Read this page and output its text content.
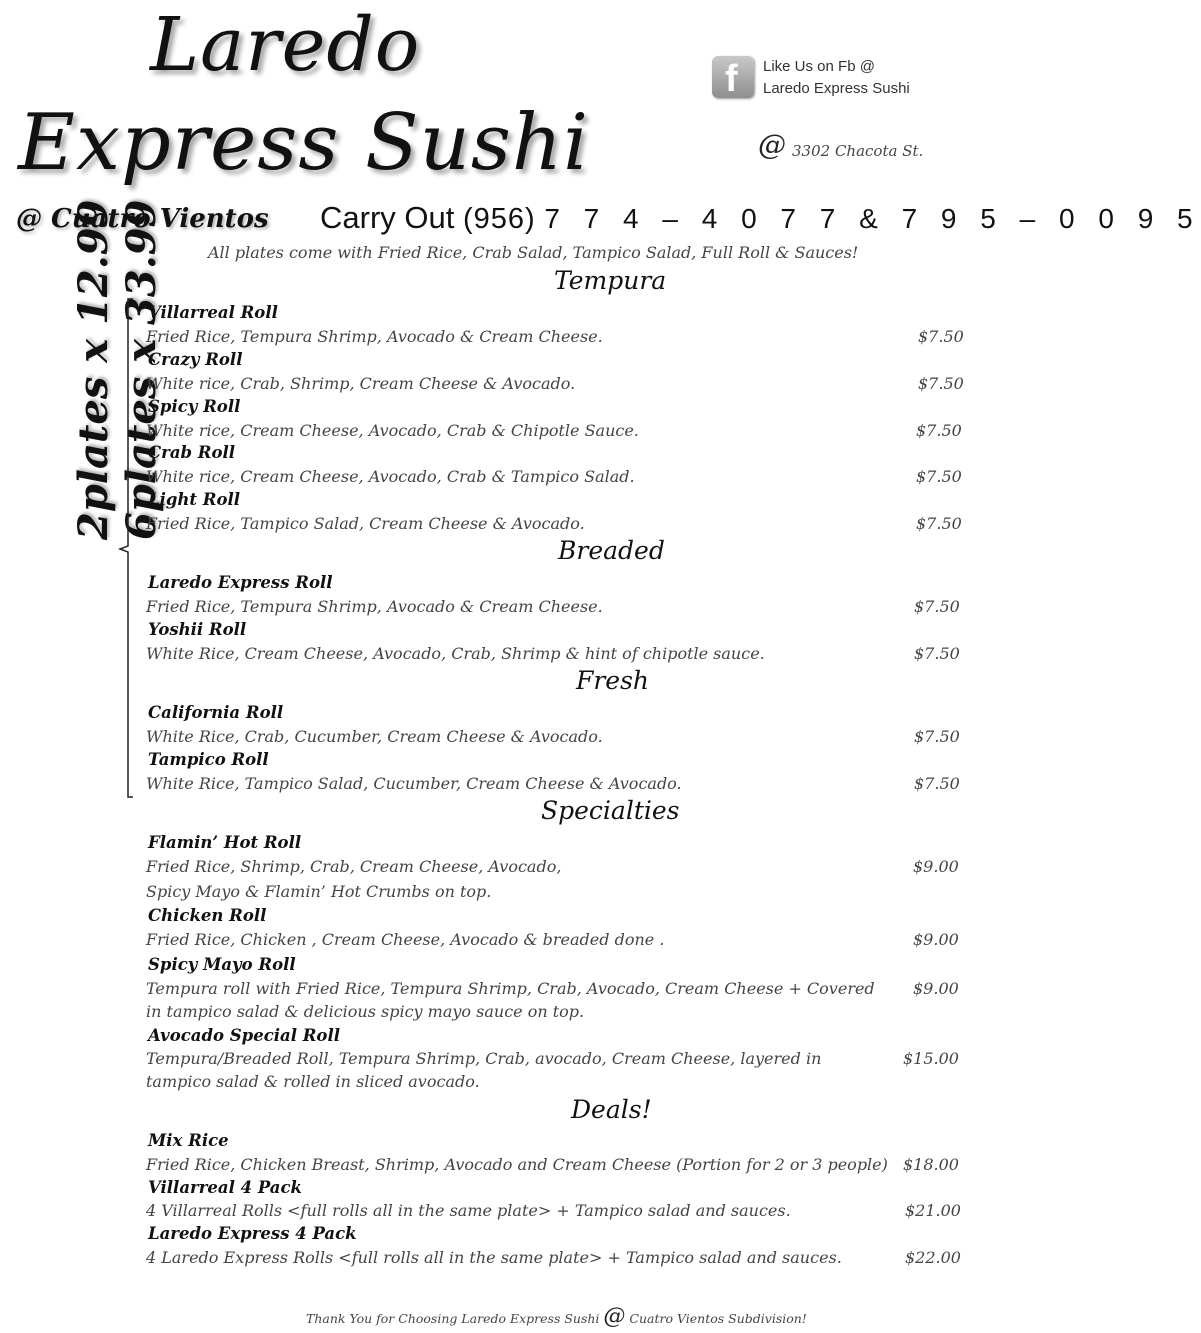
Laredo
Express Sushi
f Like Us on Fb @
Laredo Express Sushi
@ 3302 Chacota St.
@ Cuatro Vientos Carry Out (956) 7 7 4 – 4 0 7 7 & 7 9 5 – 0 0 9 5
All plates come with Fried Rice, Crab Salad, Tampico Salad, Full Roll & Sauces!
2plates x 12.99 6plates x 33.99	Tempura
Villarreal Roll
Fried Rice, Tempura Shrimp, Avocado & Cream Cheese.	$7.50
Crazy Roll
White rice, Crab, Shrimp, Cream Cheese & Avocado.	$7.50
Spicy Roll
White rice, Cream Cheese, Avocado, Crab & Chipotle Sauce.	$7.50
Crab Roll
White rice, Cream Cheese, Avocado, Crab & Tampico Salad.	$7.50
Light Roll
Fried Rice, Tampico Salad, Cream Cheese & Avocado.	$7.50
Breaded
Laredo Express Roll
Fried Rice, Tempura Shrimp, Avocado & Cream Cheese.	$7.50
Yoshii Roll
White Rice, Cream Cheese, Avocado, Crab, Shrimp & hint of chipotle sauce.	$7.50
Fresh
California Roll
White Rice, Crab, Cucumber, Cream Cheese & Avocado.	$7.50
Tampico Roll
White Rice, Tampico Salad, Cucumber, Cream Cheese & Avocado.	$7.50
Specialties
Flamin’ Hot Roll
Fried Rice, Shrimp, Crab, Cream Cheese, Avocado,
Spicy Mayo & Flamin’ Hot Crumbs on top.
$9.00
Chicken Roll
Fried Rice, Chicken , Cream Cheese, Avocado & breaded done .	$9.00
Spicy Mayo Roll
Tempura roll with Fried Rice, Tempura Shrimp, Crab, Avocado, Cream Cheese + Covered
in tampico salad & delicious spicy mayo sauce on top.
$9.00
Avocado Special Roll
Tempura/Breaded Roll, Tempura Shrimp, Crab, avocado, Cream Cheese, layered in
tampico salad & rolled in sliced avocado.
$15.00
Deals!
Mix Rice
Fried Rice, Chicken Breast, Shrimp, Avocado and Cream Cheese (Portion for 2 or 3 people) $18.00
Villarreal 4 Pack
4 Villarreal Rolls <full rolls all in the same plate> + Tampico salad and sauces.	$21.00
Laredo Express 4 Pack
4 Laredo Express Rolls <full rolls all in the same plate> + Tampico salad and sauces.	$22.00
Thank You for Choosing Laredo Express Sushi @ Cuatro Vientos Subdivision!
